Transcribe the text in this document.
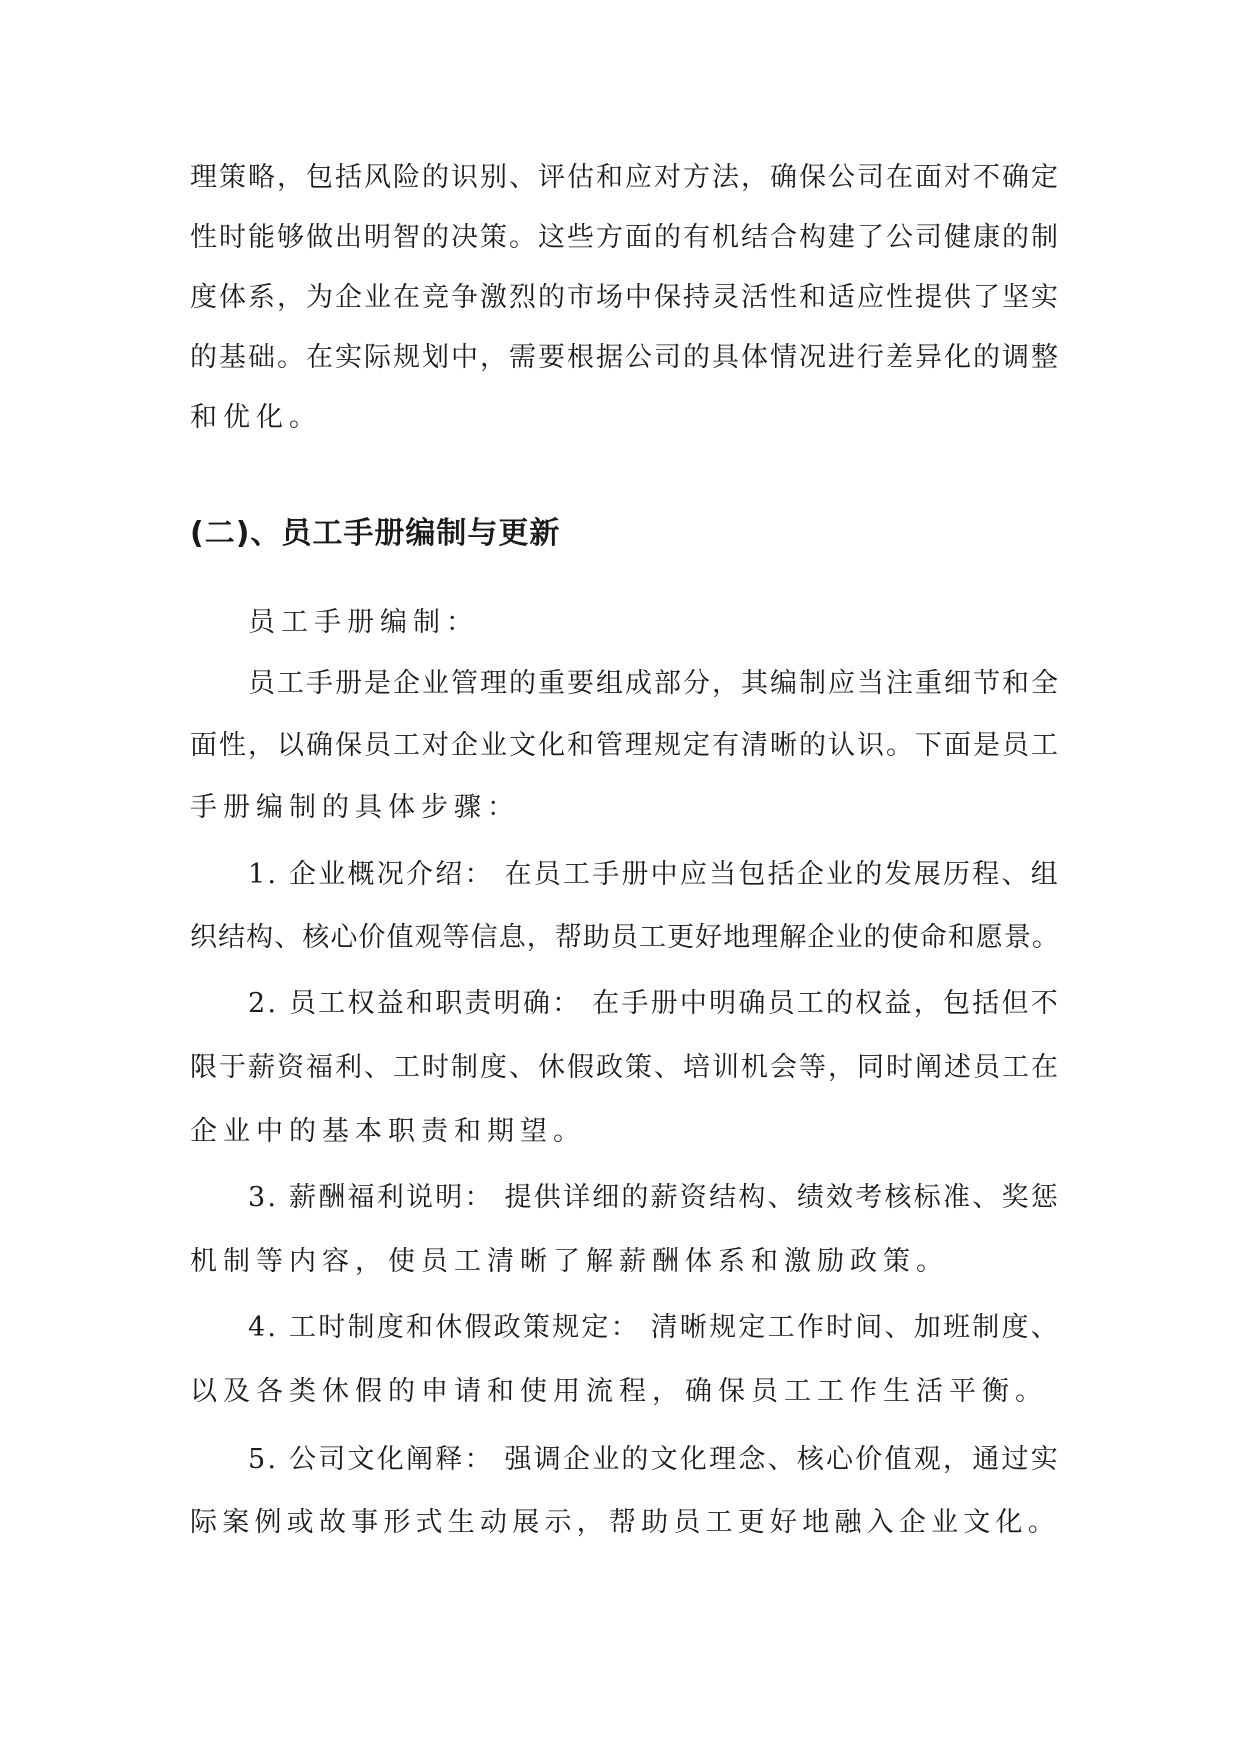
理策略，包括风险的识别、评估和应对方法，确保公司在面对不确定
性时能够做出明智的决策。这些方面的有机结合构建了公司健康的制
度体系，为企业在竞争激烈的市场中保持灵活性和适应性提供了坚实
的基础。在实际规划中，需要根据公司的具体情况进行差异化的调整
和优化。
(二)、员工手册编制与更新
员工手册编制：
员工手册是企业管理的重要组成部分，其编制应当注重细节和全
面性，以确保员工对企业文化和管理规定有清晰的认识。下面是员工
手册编制的具体步骤：
1. 企业概况介绍： 在员工手册中应当包括企业的发展历程、组
织结构、核心价值观等信息，帮助员工更好地理解企业的使命和愿景。
2. 员工权益和职责明确： 在手册中明确员工的权益，包括但不
限于薪资福利、工时制度、休假政策、培训机会等，同时阐述员工在
企业中的基本职责和期望。
3. 薪酬福利说明： 提供详细的薪资结构、绩效考核标准、奖惩
机制等内容，使员工清晰了解薪酬体系和激励政策。
4. 工时制度和休假政策规定： 清晰规定工作时间、加班制度、
以及各类休假的申请和使用流程，确保员工工作生活平衡。
5. 公司文化阐释： 强调企业的文化理念、核心价值观，通过实
际案例或故事形式生动展示，帮助员工更好地融入企业文化。
